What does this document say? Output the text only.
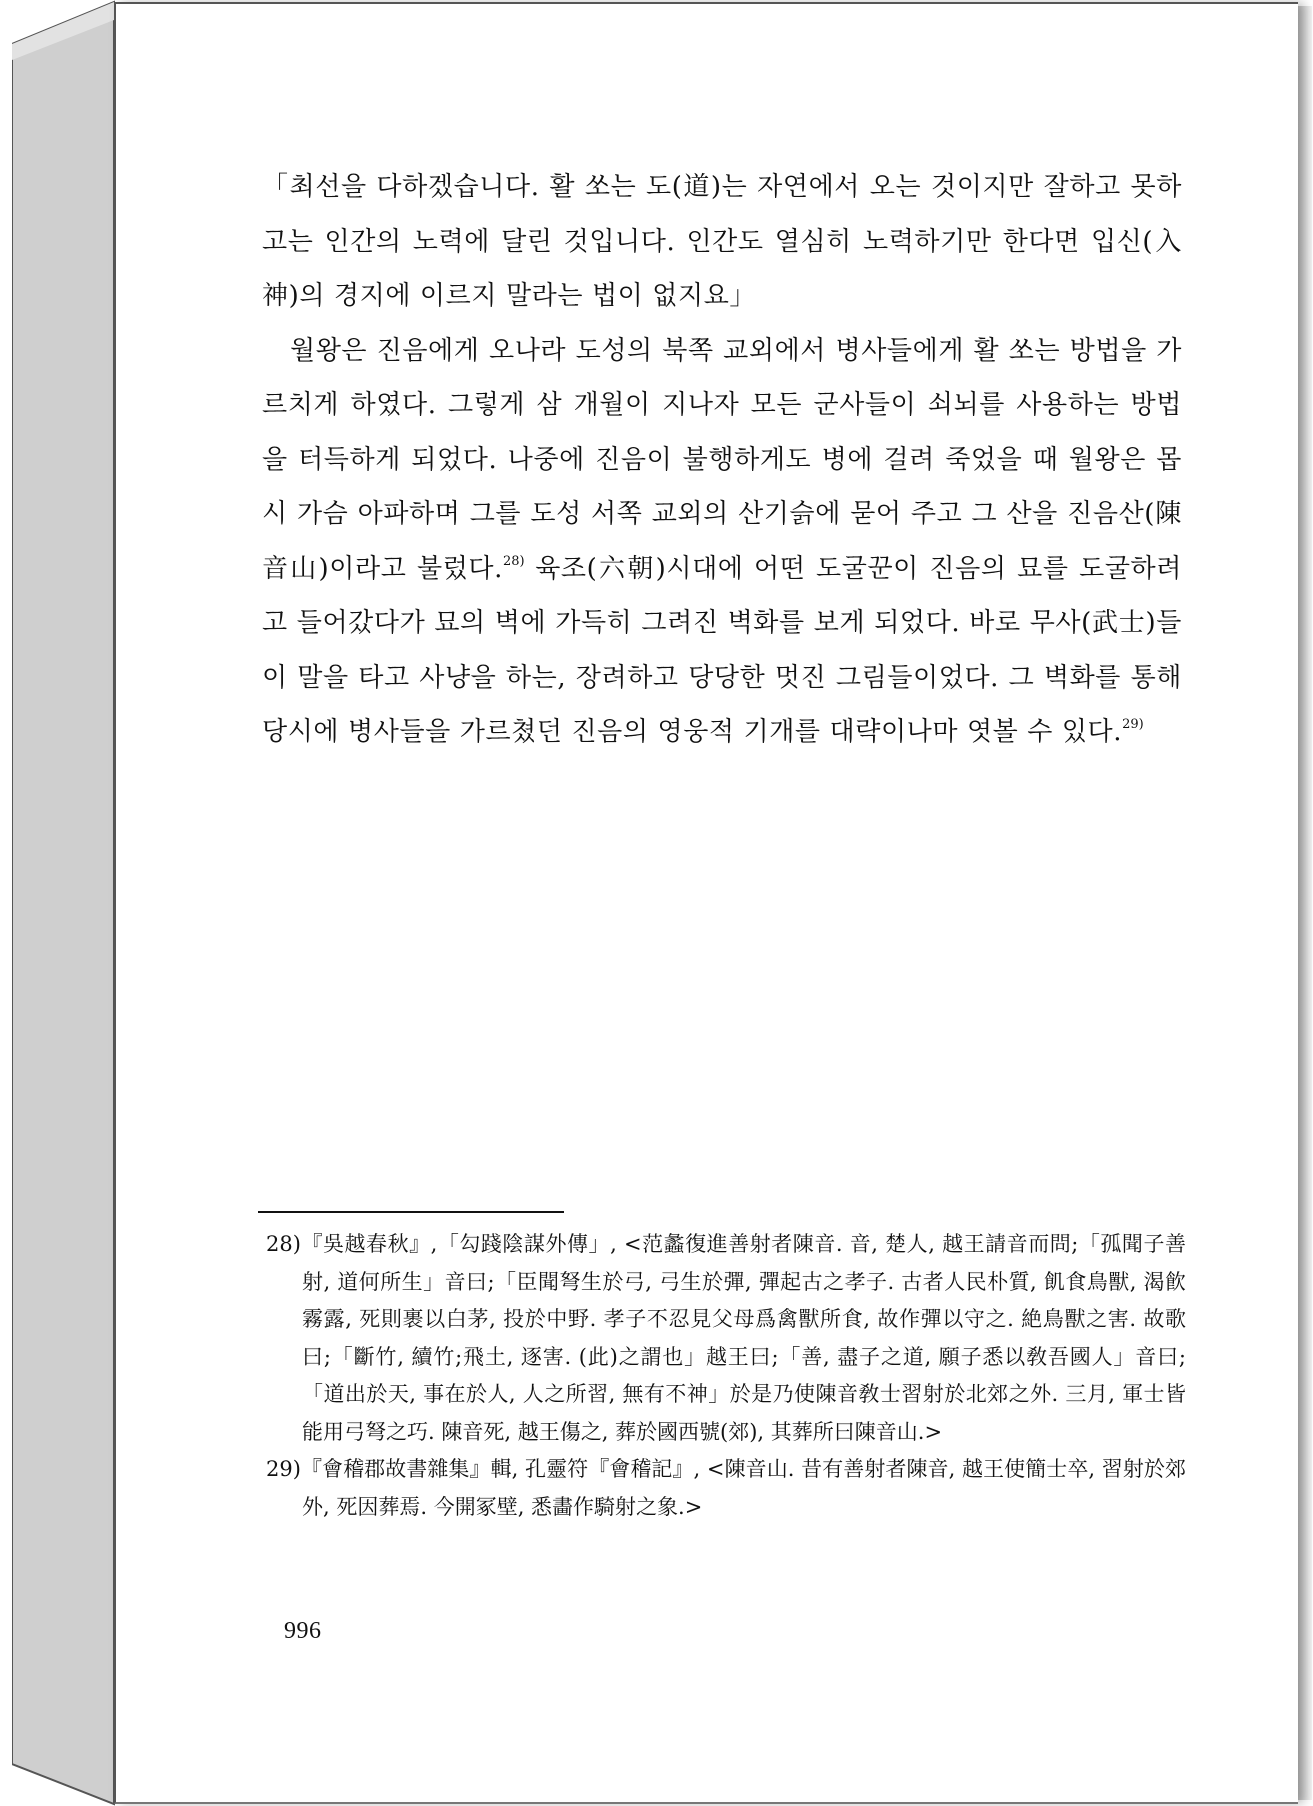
「최선을 다하겠습니다. 활 쏘는 도(道)는 자연에서 오는 것이지만 잘하고 못하고는 인간의 노력에 달린 것입니다. 인간도 열심히 노력하기만 한다면 입신(入神)의 경지에 이르지 말라는 법이 없지요」

월왕은 진음에게 오나라 도성의 북쪽 교외에서 병사들에게 활 쏘는 방법을 가르치게 하였다. 그렇게 삼 개월이 지나자 모든 군사들이 쇠뇌를 사용하는 방법을 터득하게 되었다. 나중에 진음이 불행하게도 병에 걸려 죽었을 때 월왕은 몹시 가슴 아파하며 그를 도성 서쪽 교외의 산기슭에 묻어 주고 그 산을 진음산(陳音山)이라고 불렀다.$^{28)}$ 육조(六朝)시대에 어떤 도굴꾼이 진음의 묘를 도굴하려고 들어갔다가 묘의 벽에 가득히 그려진 벽화를 보게 되었다. 바로 무사(武士)들이 말을 타고 사냥을 하는, 장려하고 당당한 멋진 그림들이었다. 그 벽화를 통해 당시에 병사들을 가르쳤던 진음의 영웅적 기개를 대략이나마 엿볼 수 있다.$^{29)}$

28)『吳越春秋』,「勾踐陰謀外傳」, <范蠡復進善射者陳音. 音, 楚人, 越王請音而問;「孤聞子善射, 道何所生」音曰;「臣聞弩生於弓, 弓生於彈, 彈起古之孝子. 古者人民朴質, 飢食鳥獸, 渴飮霧露, 死則裹以白茅, 投於中野. 孝子不忍見父母爲禽獸所食, 故作彈以守之. 絶鳥獸之害. 故歌曰;「斷竹, 續竹;飛土, 逐害. (此)之謂也」越王曰;「善, 盡子之道, 願子悉以敎吾國人」音曰;「道出於天, 事在於人, 人之所習, 無有不神」於是乃使陳音敎士習射於北郊之外. 三月, 軍士皆能用弓弩之巧. 陳音死, 越王傷之, 葬於國西號(郊), 其葬所曰陳音山.>

29)『會稽郡故書雜集』輯, 孔靈符『會稽記』, <陳音山. 昔有善射者陳音, 越王使簡士卒, 習射於郊外, 死因葬焉. 今開冢壁, 悉畵作騎射之象.>

996
